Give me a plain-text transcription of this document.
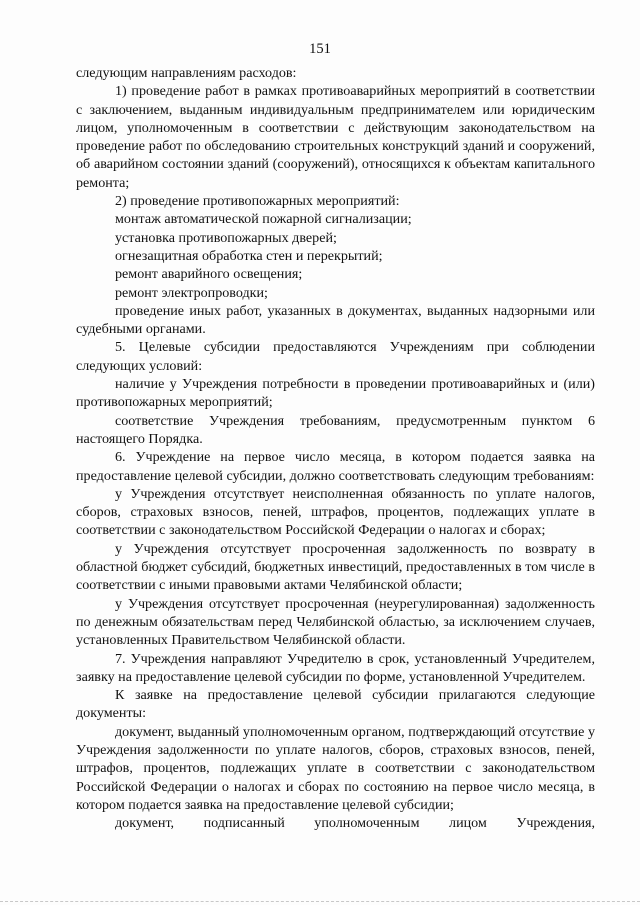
151

следующим направлениям расходов:

1) проведение работ в рамках противоаварийных мероприятий в соответствии с заключением, выданным индивидуальным предпринимателем или юридическим лицом, уполномоченным в соответствии с действующим законодательством на проведение работ по обследованию строительных конструкций зданий и сооружений, об аварийном состоянии зданий (сооружений), относящихся к объектам капитального ремонта;

2) проведение противопожарных мероприятий:

монтаж автоматической пожарной сигнализации;

установка противопожарных дверей;

огнезащитная обработка стен и перекрытий;

ремонт аварийного освещения;

ремонт электропроводки;

проведение иных работ, указанных в документах, выданных надзорными или судебными органами.

5. Целевые субсидии предоставляются Учреждениям при соблюдении следующих условий:

наличие у Учреждения потребности в проведении противоаварийных и (или) противопожарных мероприятий;

соответствие Учреждения требованиям, предусмотренным пунктом 6 настоящего Порядка.

6. Учреждение на первое число месяца, в котором подается заявка на предоставление целевой субсидии, должно соответствовать следующим требованиям:

у Учреждения отсутствует неисполненная обязанность по уплате налогов, сборов, страховых взносов, пеней, штрафов, процентов, подлежащих уплате в соответствии с законодательством Российской Федерации о налогах и сборах;

у Учреждения отсутствует просроченная задолженность по возврату в областной бюджет субсидий, бюджетных инвестиций, предоставленных в том числе в соответствии с иными правовыми актами Челябинской области;

у Учреждения отсутствует просроченная (неурегулированная) задолженность по денежным обязательствам перед Челябинской областью, за исключением случаев, установленных Правительством Челябинской области.

7. Учреждения направляют Учредителю в срок, установленный Учредителем, заявку на предоставление целевой субсидии по форме, установленной Учредителем.

К заявке на предоставление целевой субсидии прилагаются следующие документы:

документ, выданный уполномоченным органом, подтверждающий отсутствие у Учреждения задолженности по уплате налогов, сборов, страховых взносов, пеней, штрафов, процентов, подлежащих уплате в соответствии с законодательством Российской Федерации о налогах и сборах по состоянию на первое число месяца, в котором подается заявка на предоставление целевой субсидии;

документ, подписанный уполномоченным лицом Учреждения,
